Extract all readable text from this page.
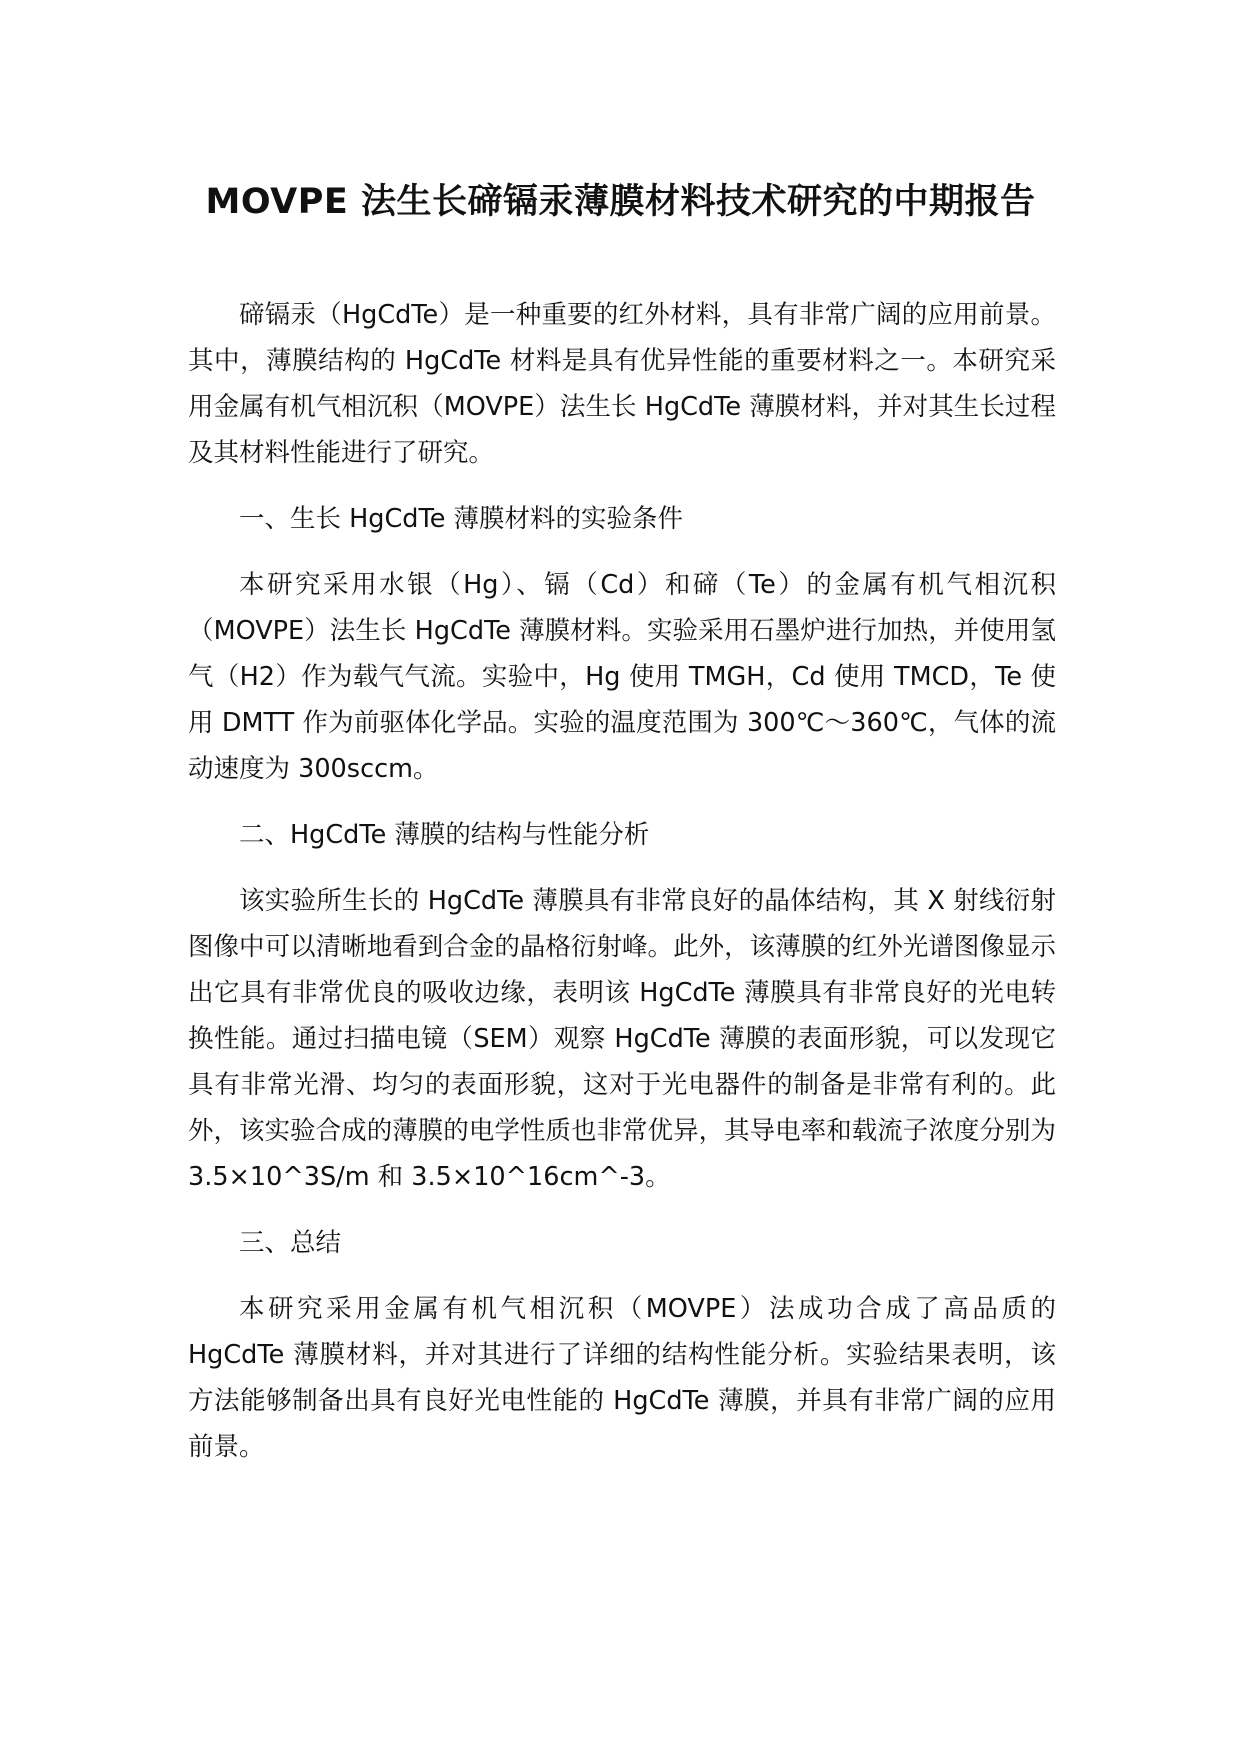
MOVPE 法生长碲镉汞薄膜材料技术研究的中期报告

碲镉汞（HgCdTe）是一种重要的红外材料，具有非常广阔的应用前景。其中，薄膜结构的 HgCdTe 材料是具有优异性能的重要材料之一。本研究采用金属有机气相沉积（MOVPE）法生长 HgCdTe 薄膜材料，并对其生长过程及其材料性能进行了研究。

一、生长 HgCdTe 薄膜材料的实验条件

本研究采用水银（Hg）、镉（Cd）和碲（Te）的金属有机气相沉积（MOVPE）法生长 HgCdTe 薄膜材料。实验采用石墨炉进行加热，并使用氢气（H2）作为载气气流。实验中，Hg 使用 TMGH，Cd 使用 TMCD，Te 使用 DMTT 作为前驱体化学品。实验的温度范围为 300℃～360℃，气体的流动速度为 300sccm。

二、HgCdTe 薄膜的结构与性能分析

该实验所生长的 HgCdTe 薄膜具有非常良好的晶体结构，其 X 射线衍射图像中可以清晰地看到合金的晶格衍射峰。此外，该薄膜的红外光谱图像显示出它具有非常优良的吸收边缘，表明该 HgCdTe 薄膜具有非常良好的光电转换性能。通过扫描电镜（SEM）观察 HgCdTe 薄膜的表面形貌，可以发现它具有非常光滑、均匀的表面形貌，这对于光电器件的制备是非常有利的。此外，该实验合成的薄膜的电学性质也非常优异，其导电率和载流子浓度分别为 3.5×10^3S/m 和 3.5×10^16cm^-3。

三、总结

本研究采用金属有机气相沉积（MOVPE）法成功合成了高品质的 HgCdTe 薄膜材料，并对其进行了详细的结构性能分析。实验结果表明，该方法能够制备出具有良好光电性能的 HgCdTe 薄膜，并具有非常广阔的应用前景。
